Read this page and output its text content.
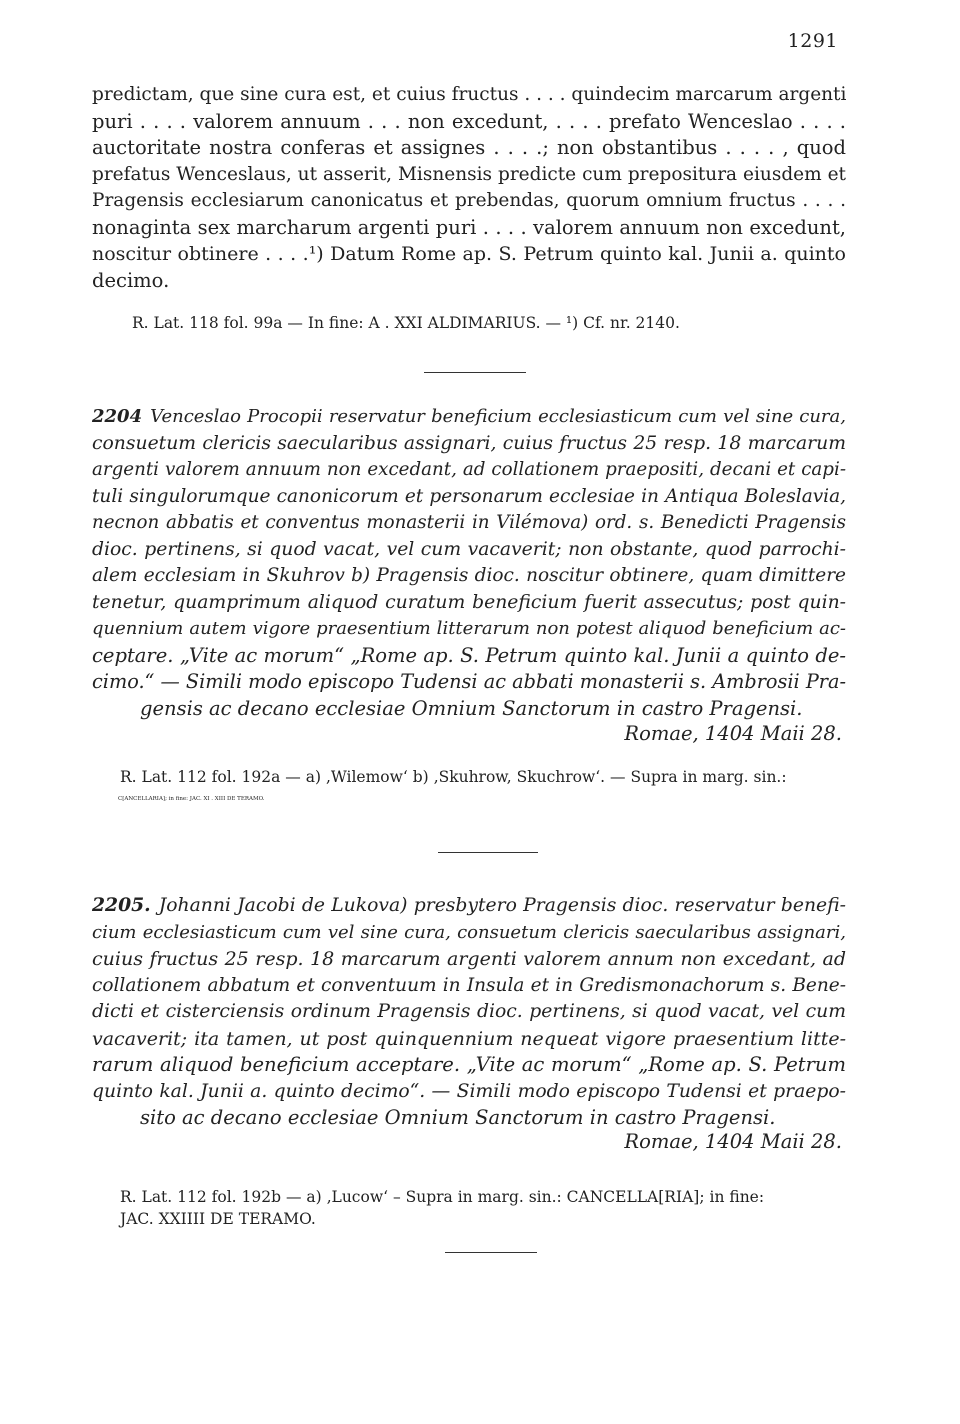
1291
predictam, que sine cura est, et cuius fructus . . . . quindecim marcarum argenti
puri . . . . valorem annuum . . . non excedunt, . . . . prefato Wenceslao . . . .
auctoritate nostra conferas et assignes . . . .; non obstantibus . . . . , quod
prefatus Wenceslaus, ut asserit, Misnensis predicte cum prepositura eiusdem et
Pragensis ecclesiarum canonicatus et prebendas, quorum omnium fructus . . . .
nonaginta sex marcharum argenti puri . . . . valorem annuum non excedunt,
noscitur obtinere . . . .¹) Datum Rome ap. S. Petrum quinto kal. Junii a. quinto
decimo.
R. Lat. 118 fol. 99a — In fine: A . XXI ALDIMARIUS. — ¹) Cf. nr. 2140.
2204 Venceslao Procopii reservatur beneficium ecclesiasticum cum vel sine cura,
consuetum clericis saecularibus assignari, cuius fructus 25 resp. 18 marcarum
argenti valorem annuum non excedant, ad collationem praepositi, decani et capi-
tuli singulorumque canonicorum et personarum ecclesiae in Antiqua Boleslavia,
necnon abbatis et conventus monasterii in Vilémova) ord. s. Benedicti Pragensis
dioc. pertinens, si quod vacat, vel cum vacaverit; non obstante, quod parrochi-
alem ecclesiam in Skuhrov b) Pragensis dioc. noscitur obtinere, quam dimittere
tenetur, quamprimum aliquod curatum beneficium fuerit assecutus; post quin-
quennium autem vigore praesentium litterarum non potest aliquod beneficium ac-
ceptare. „Vite ac morum“ „Rome ap. S. Petrum quinto kal. Junii a quinto de-
cimo.“ — Simili modo episcopo Tudensi ac abbati monasterii s. Ambrosii Pra-
gensis ac decano ecclesiae Omnium Sanctorum in castro Pragensi.
Romae, 1404 Maii 28.
R. Lat. 112 fol. 192a — a) ‚Wilemow‘ b) ‚Skuhrow, Skuchrow‘. — Supra in marg. sin.:
C[ANCELLARIA]; in fine: JAC. XI . XIII DE TERAMO.
2205. Johanni Jacobi de Lukova) presbytero Pragensis dioc. reservatur benefi-
cium ecclesiasticum cum vel sine cura, consuetum clericis saecularibus assignari,
cuius fructus 25 resp. 18 marcarum argenti valorem annum non excedant, ad
collationem abbatum et conventuum in Insula et in Gredismonachorum s. Bene-
dicti et cisterciensis ordinum Pragensis dioc. pertinens, si quod vacat, vel cum
vacaverit; ita tamen, ut post quinquennium nequeat vigore praesentium litte-
rarum aliquod beneficium acceptare. „Vite ac morum“ „Rome ap. S. Petrum
quinto kal. Junii a. quinto decimo“. — Simili modo episcopo Tudensi et praepo-
sito ac decano ecclesiae Omnium Sanctorum in castro Pragensi.
Romae, 1404 Maii 28.
R. Lat. 112 fol. 192b — a) ‚Lucow‘ – Supra in marg. sin.: CANCELLA[RIA]; in fine:
JAC. XXIIII DE TERAMO.
